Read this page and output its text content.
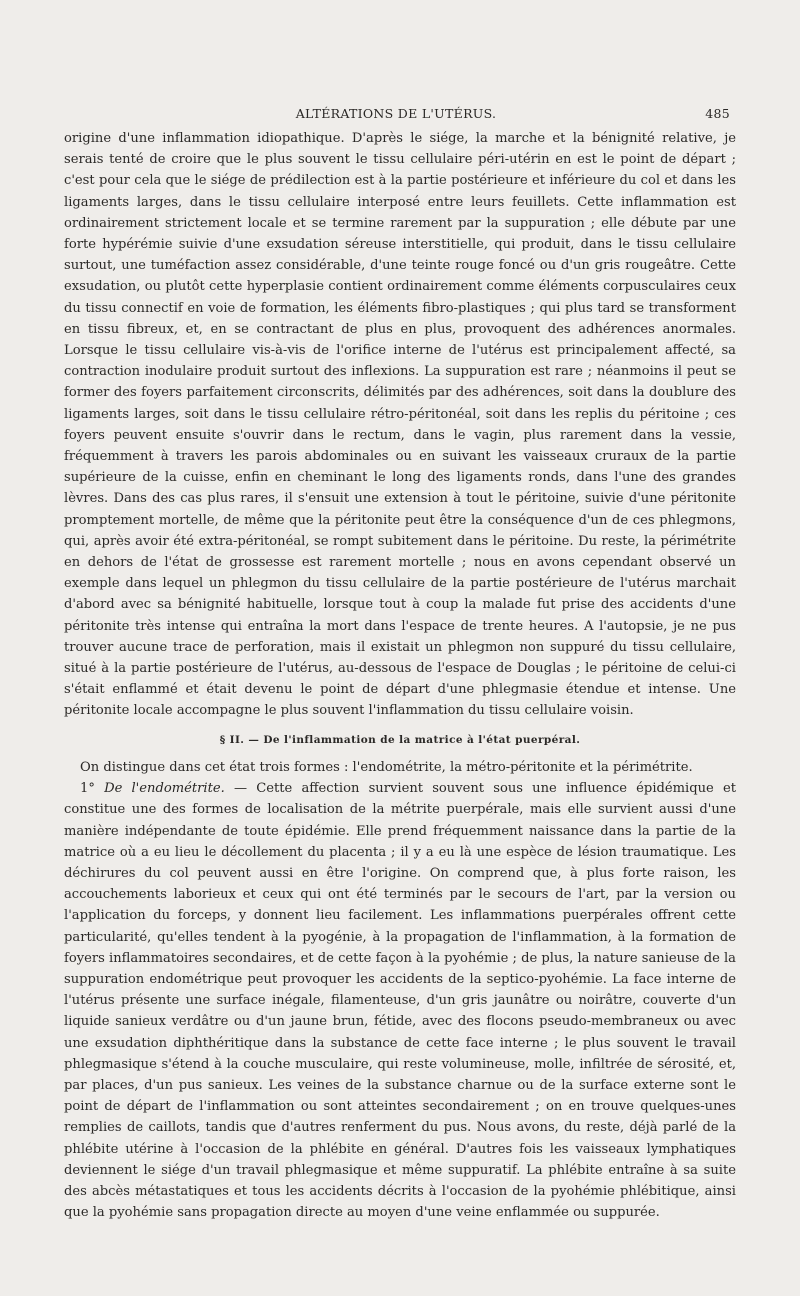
ALTÉRATIONS DE L'UTÉRUS.	485

origine d'une inflammation idiopathique. D'après le siége, la marche et la bénignité relative, je serais tenté de croire que le plus souvent le tissu cellulaire péri-utérin en est le point de départ ; c'est pour cela que le siége de prédilection est à la partie postérieure et inférieure du col et dans les ligaments larges, dans le tissu cellulaire interposé entre leurs feuillets. Cette inflammation est ordinairement strictement locale et se termine rarement par la suppuration ; elle débute par une forte hypérémie suivie d'une exsudation séreuse interstitielle, qui produit, dans le tissu cellulaire surtout, une tuméfaction assez considérable, d'une teinte rouge foncé ou d'un gris rougeâtre. Cette exsudation, ou plutôt cette hyperplasie contient ordinairement comme éléments corpusculaires ceux du tissu connectif en voie de formation, les éléments fibro-plastiques ; qui plus tard se transforment en tissu fibreux, et, en se contractant de plus en plus, provoquent des adhérences anormales. Lorsque le tissu cellulaire vis-à-vis de l'orifice interne de l'utérus est principalement affecté, sa contraction inodulaire produit surtout des inflexions. La suppuration est rare ; néanmoins il peut se former des foyers parfaitement circonscrits, délimités par des adhérences, soit dans la doublure des ligaments larges, soit dans le tissu cellulaire rétro-péritonéal, soit dans les replis du péritoine ; ces foyers peuvent ensuite s'ouvrir dans le rectum, dans le vagin, plus rarement dans la vessie, fréquemment à travers les parois abdominales ou en suivant les vaisseaux cruraux de la partie supérieure de la cuisse, enfin en cheminant le long des ligaments ronds, dans l'une des grandes lèvres. Dans des cas plus rares, il s'ensuit une extension à tout le péritoine, suivie d'une péritonite promptement mortelle, de même que la péritonite peut être la conséquence d'un de ces phlegmons, qui, après avoir été extra-péritonéal, se rompt subitement dans le péritoine. Du reste, la périmétrite en dehors de l'état de grossesse est rarement mortelle ; nous en avons cependant observé un exemple dans lequel un phlegmon du tissu cellulaire de la partie postérieure de l'utérus marchait d'abord avec sa bénignité habituelle, lorsque tout à coup la malade fut prise des accidents d'une péritonite très intense qui entraîna la mort dans l'espace de trente heures. A l'autopsie, je ne pus trouver aucune trace de perforation, mais il existait un phlegmon non suppuré du tissu cellulaire, situé à la partie postérieure de l'utérus, au-dessous de l'espace de Douglas ; le péritoine de celui-ci s'était enflammé et était devenu le point de départ d'une phlegmasie étendue et intense. Une péritonite locale accompagne le plus souvent l'inflammation du tissu cellulaire voisin.

§ II. — De l'inflammation de la matrice à l'état puerpéral.

On distingue dans cet état trois formes : l'endométrite, la métro-péritonite et la périmétrite.

1° De l'endométrite. — Cette affection survient souvent sous une influence épidémique et constitue une des formes de localisation de la métrite puerpérale, mais elle survient aussi d'une manière indépendante de toute épidémie. Elle prend fréquemment naissance dans la partie de la matrice où a eu lieu le décollement du placenta ; il y a eu là une espèce de lésion traumatique. Les déchirures du col peuvent aussi en être l'origine. On comprend que, à plus forte raison, les accouchements laborieux et ceux qui ont été terminés par le secours de l'art, par la version ou l'application du forceps, y donnent lieu facilement. Les inflammations puerpérales offrent cette particularité, qu'elles tendent à la pyogénie, à la propagation de l'inflammation, à la formation de foyers inflammatoires secondaires, et de cette façon à la pyohémie ; de plus, la nature sanieuse de la suppuration endométrique peut provoquer les accidents de la septico-pyohémie. La face interne de l'utérus présente une surface inégale, filamenteuse, d'un gris jaunâtre ou noirâtre, couverte d'un liquide sanieux verdâtre ou d'un jaune brun, fétide, avec des flocons pseudo-membraneux ou avec une exsudation diphthéritique dans la substance de cette face interne ; le plus souvent le travail phlegmasique s'étend à la couche musculaire, qui reste volumineuse, molle, infiltrée de sérosité, et, par places, d'un pus sanieux. Les veines de la substance charnue ou de la surface externe sont le point de départ de l'inflammation ou sont atteintes secondairement ; on en trouve quelques-unes remplies de caillots, tandis que d'autres renferment du pus. Nous avons, du reste, déjà parlé de la phlébite utérine à l'occasion de la phlébite en général. D'autres fois les vaisseaux lymphatiques deviennent le siége d'un travail phlegmasique et même suppuratif. La phlébite entraîne à sa suite des abcès métastatiques et tous les accidents décrits à l'occasion de la pyohémie phlébitique, ainsi que la pyohémie sans propagation directe au moyen d'une veine enflammée ou suppurée.
